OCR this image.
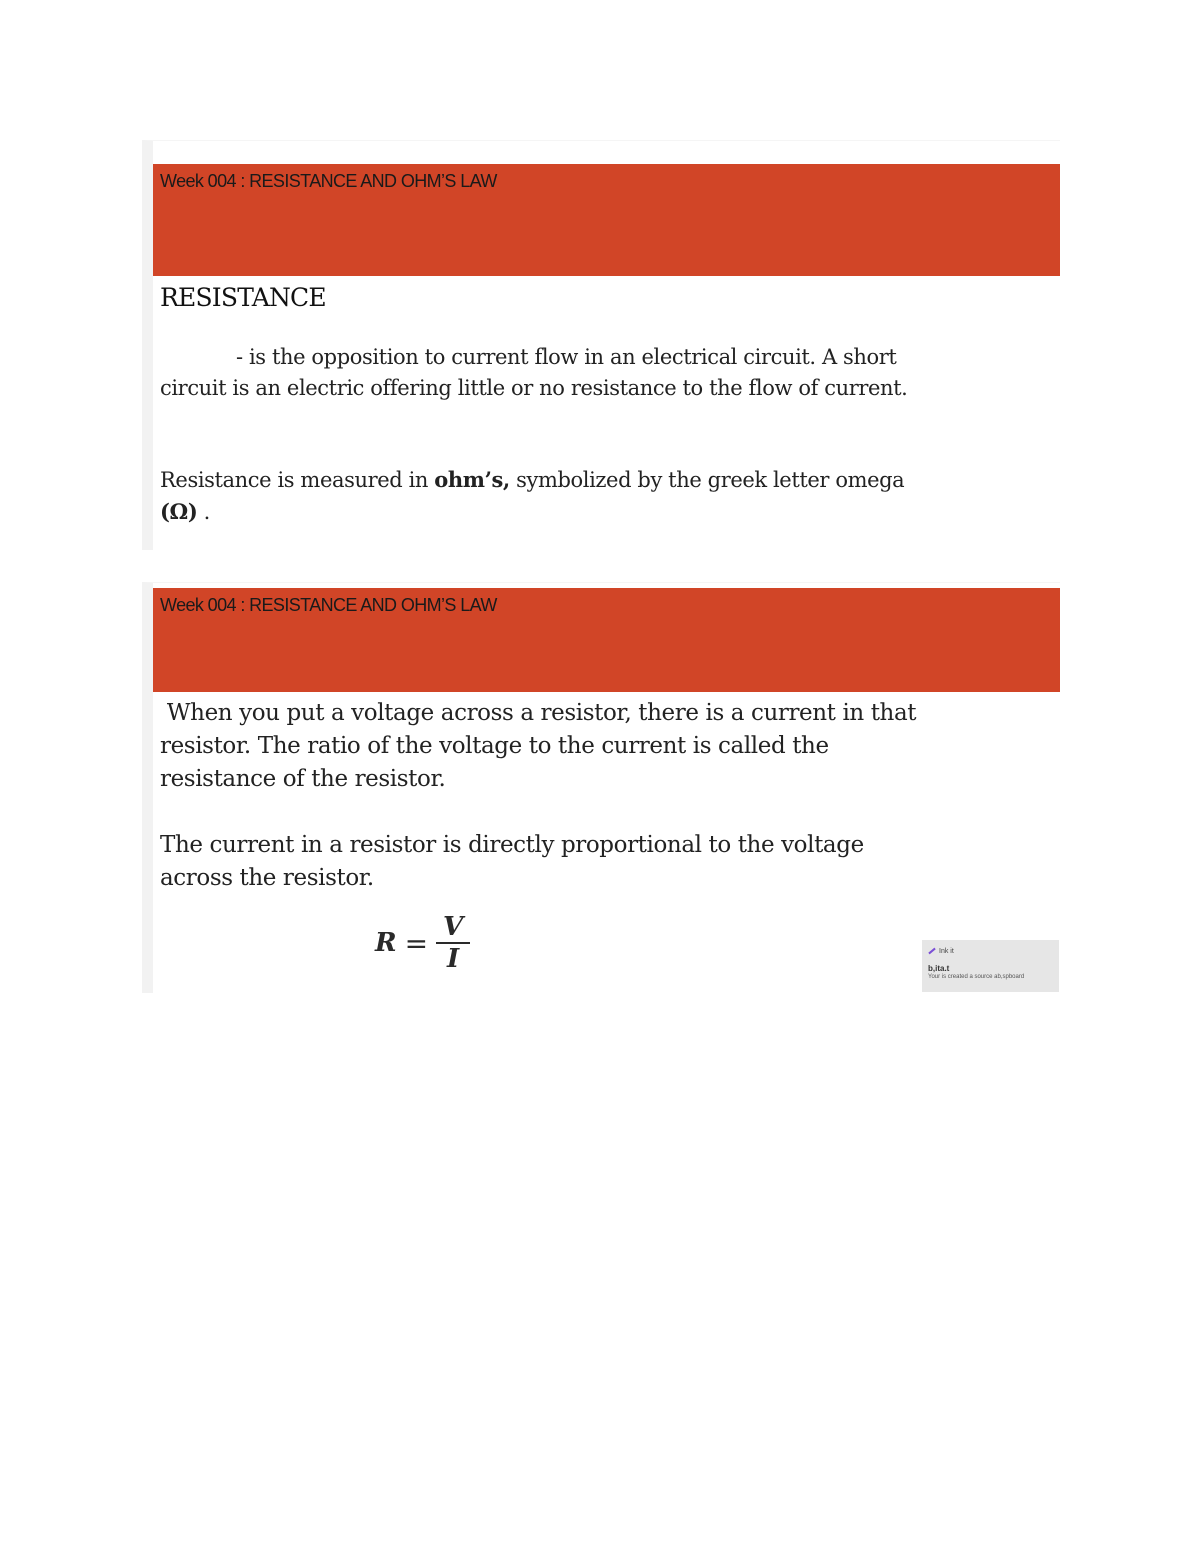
Week 004 : RESISTANCE AND OHM’S LAW
RESISTANCE

- is the opposition to current flow in an electrical circuit. A short
circuit is an electric offering little or no resistance to the flow of current.

Resistance is measured in ohm’s, symbolized by the greek letter omega
(Ω) .

Week 004 : RESISTANCE AND OHM’S LAW

When you put a voltage across a resistor, there is a current in that
resistor. The ratio of the voltage to the current is called the
resistance of the resistor.

The current in a resistor is directly proportional to the voltage
across the resistor.

$R = \frac{V}{I}$	Ink it
b,ita.t
Your is created a source ab,spboard
